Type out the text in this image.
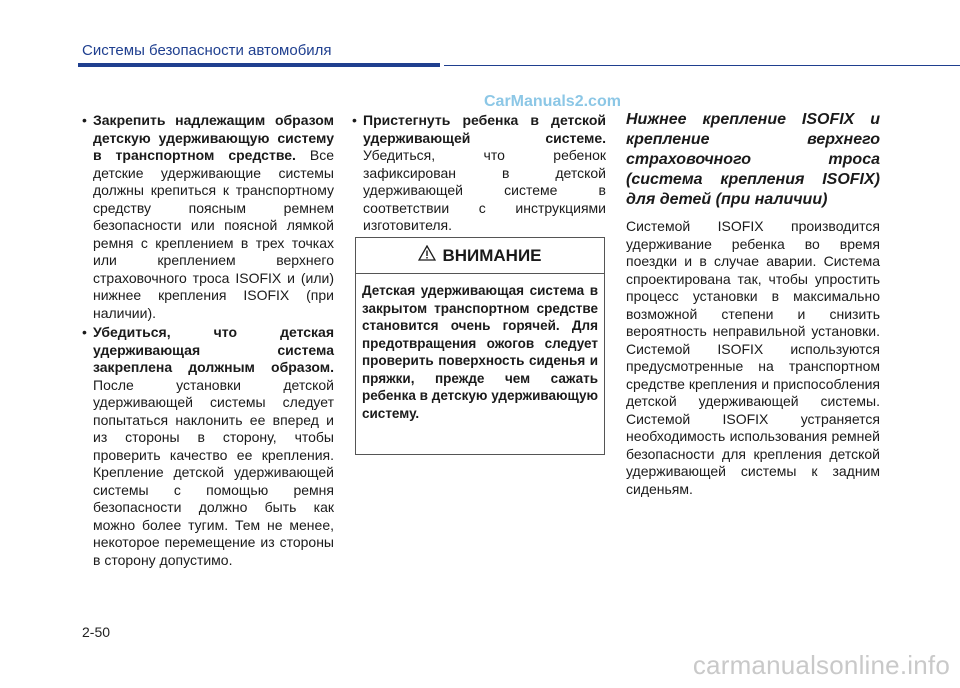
Системы безопасности автомобиля
CarManuals2.com
• Закрепить надлежащим образом детскую удерживающую систему в транспортном средстве. Все детские удерживающие системы должны крепиться к транспортному средству поясным ремнем безопасности или поясной лямкой ремня с креплением в трех точках или креплением верхнего страховочного троса ISOFIX и (или) нижнее крепления ISOFIX (при наличии).
• Убедиться, что детская удерживающая система закреплена должным образом. После установки детской удерживающей системы следует попытаться наклонить ее вперед и из стороны в сторону, чтобы проверить качество ее крепления. Крепление детской удерживающей системы с помощью ремня безопасности должно быть как можно более тугим. Тем не менее, некоторое перемещение из стороны в сторону допустимо.
• Пристегнуть ребенка в детской удерживающей системе. Убедиться, что ребенок зафиксирован в детской удерживающей системе в соответствии с инструкциями изготовителя.
ВНИМАНИЕ
Детская удерживающая система в закрытом транспортном средстве становится очень горячей. Для предотвращения ожогов следует проверить поверхность сиденья и пряжки, прежде чем сажать ребенка в детскую удерживающую систему.
Нижнее крепление ISOFIX и крепление верхнего страховочного троса (система крепления ISOFIX) для детей (при наличии)
Системой ISOFIX производится удерживание ребенка во время поездки и в случае аварии. Система спроектирована так, чтобы упростить процесс установки в максимально возможной степени и снизить вероятность неправильной установки. Системой ISOFIX используются предусмотренные на транспортном средстве крепления и приспособления детской удерживающей системы. Системой ISOFIX устраняется необходимость использования ремней безопасности для крепления детской удерживающей системы к задним сиденьям.
2-50
carmanualsonline.info
